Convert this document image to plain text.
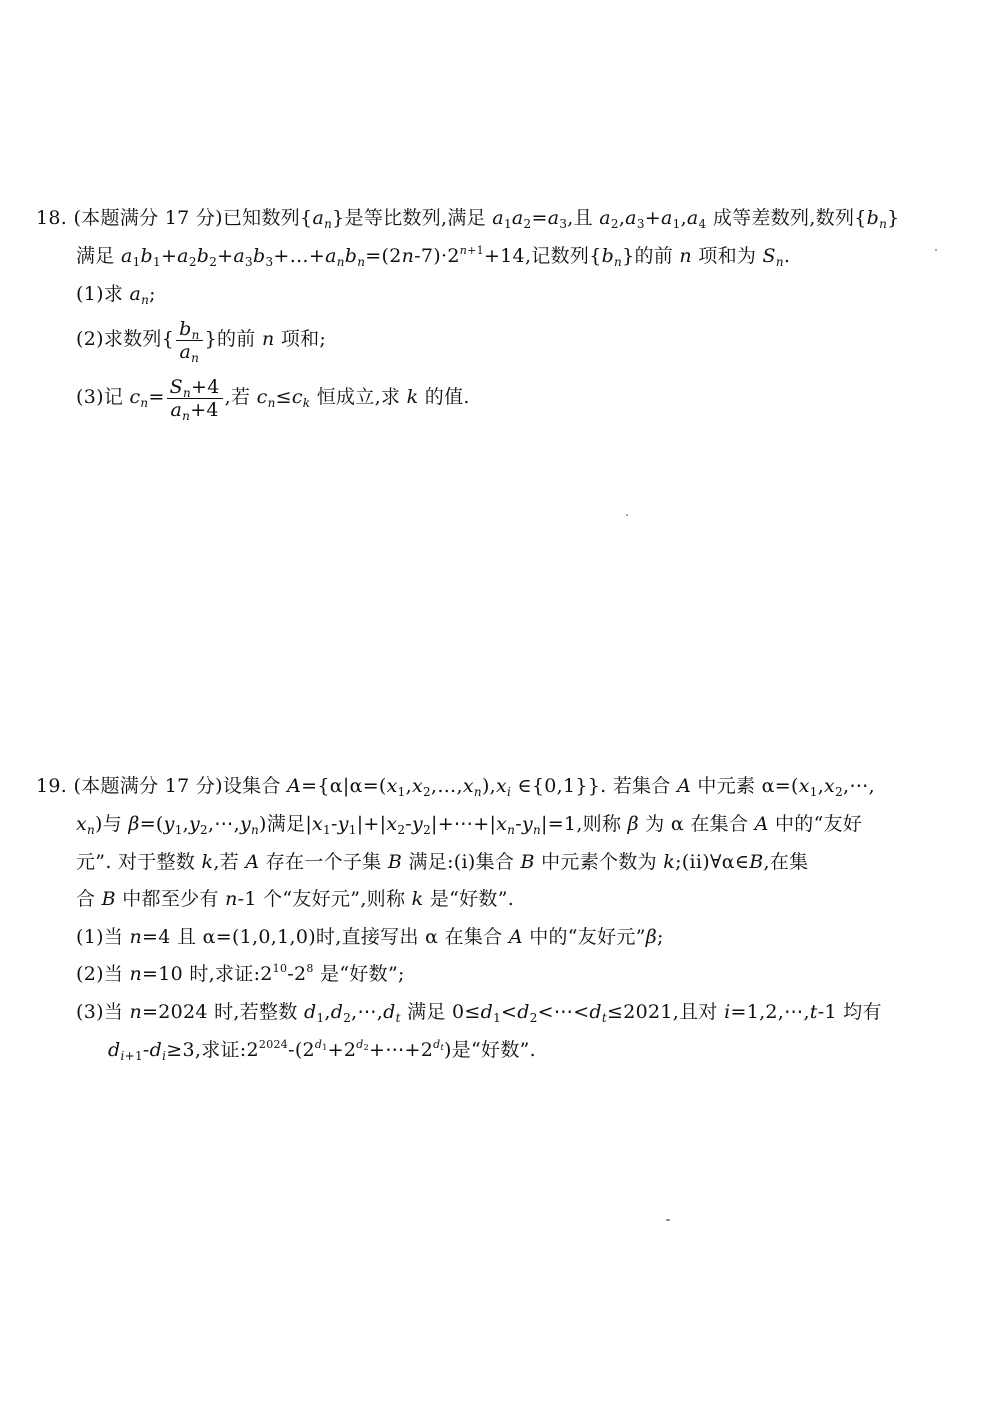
18. (本题满分 17 分)已知数列$\{a_n\}$是等比数列,满足 $a_1a_2=a_3$,且 $a_2,a_3+a_1,a_4$ 成等差数列,数列$\{b_n\}$
满足 $a_1b_1+a_2b_2+a_3b_3+\dots+a_nb_n=(2n-7)\cdot 2^{n+1}+14$,记数列$\{b_n\}$的前 n 项和为 $S_n$.
(1)求 $a_n$;
(2)求数列{ $\frac{b_n}{a_n}$ }的前 n 项和;
(3)记 $c_n= \frac{S_n+4}{a_n+4}$ ,若 $c_n\le c_k$ 恒成立,求 k 的值.
19. (本题满分 17 分)设集合 $A=\{\alpha|\alpha=(x_1,x_2,\dots,x_n),x_i$ ∈{0,1}}. 若集合 A 中元素 $\alpha=(x_1,x_2,\cdots$,
$x_n$)与 $\beta=(y_1,y_2,\cdots,y_n)$满足$|x_1-y_1|+|x_2-y_2|+\cdots+|x_n-y_n|=1$,则称 β 为 α 在集合 A 中的“友好
元”. 对于整数 k,若 A 存在一个子集 B 满足:(i)集合 B 中元素个数为 k;(ii)∀α∈B,在集
合 B 中都至少有 n-1 个“友好元”,则称 k 是“好数”.
(1)当 n=4 且 α=(1,0,1,0)时,直接写出 α 在集合 A 中的“友好元”β;
(2)当 n=10 时,求证$:2^{10}-2^8$ 是“好数”;
(3)当 n=2024 时,若整数 $d_1,d_2,\cdots,d_t$ 满足 $0\le d_1<d_2<\cdots<d_t\le 2021$,且对 i=1,2,⋯,t-1 均有
$d_{i+1}-d_i\ge 3$,求证$:2^{2024}-(2^{d_1}+2^{d_2}+\cdots+2^{d_t})$是“好数”.
